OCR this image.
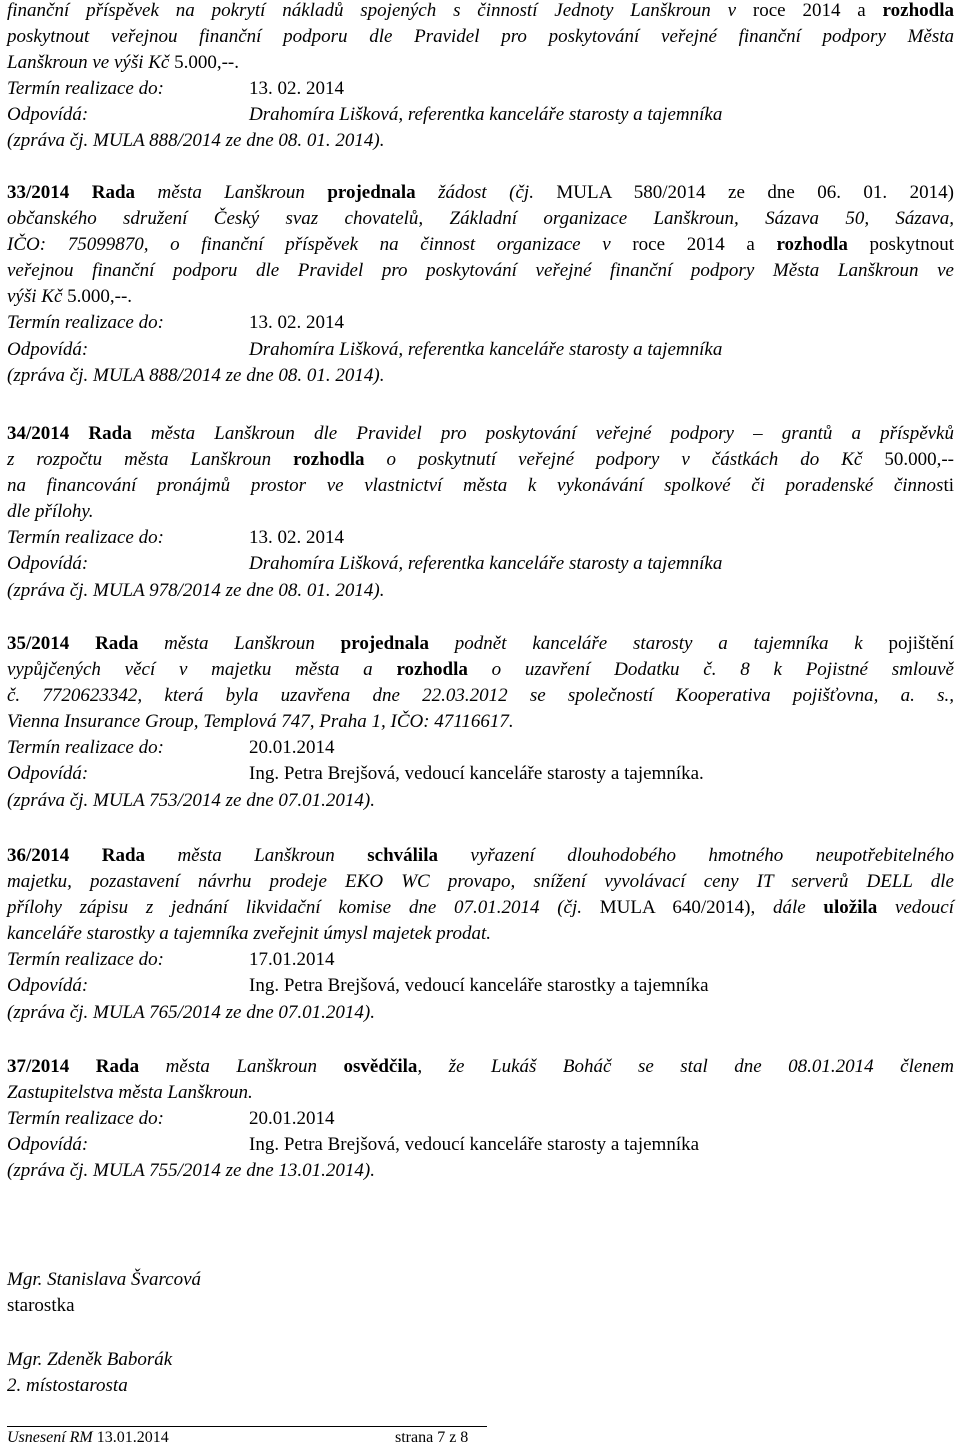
finanční příspěvek na pokrytí nákladů spojených s činností Jednoty Lanškroun v roce 2014 a rozhodla
poskytnout veřejnou finanční podporu dle Pravidel pro poskytování veřejné finanční podpory Města
Lanškroun ve výši Kč 5.000,--.
Termín realizace do:	13. 02. 2014
Odpovídá:	Drahomíra Lišková, referentka kanceláře starosty a tajemníka
(zpráva čj. MULA 888/2014 ze dne 08. 01. 2014).
33/2014 Rada města Lanškroun projednala žádost (čj. MULA 580/2014 ze dne 06. 01. 2014)
občanského sdružení Český svaz chovatelů, Základní organizace Lanškroun, Sázava 50, Sázava,
IČO: 75099870, o finanční příspěvek na činnost organizace v roce 2014 a rozhodla poskytnout
veřejnou finanční podporu dle Pravidel pro poskytování veřejné finanční podpory Města Lanškroun ve
výši Kč 5.000,--.
Termín realizace do:	13. 02. 2014
Odpovídá:	Drahomíra Lišková, referentka kanceláře starosty a tajemníka
(zpráva čj. MULA 888/2014 ze dne 08. 01. 2014).
34/2014 Rada města Lanškroun dle Pravidel pro poskytování veřejné podpory – grantů a příspěvků
z rozpočtu města Lanškroun rozhodla o poskytnutí veřejné podpory v částkách do Kč 50.000,--
na financování pronájmů prostor ve vlastnictví města k vykonávání spolkové či poradenské činnosti
dle přílohy.
Termín realizace do:	13. 02. 2014
Odpovídá:	Drahomíra Lišková, referentka kanceláře starosty a tajemníka
(zpráva čj. MULA 978/2014 ze dne 08. 01. 2014).
35/2014 Rada města Lanškroun projednala podnět kanceláře starosty a tajemníka k pojištění
vypůjčených věcí v majetku města a rozhodla o uzavření Dodatku č. 8 k Pojistné smlouvě
č. 7720623342, která byla uzavřena dne 22.03.2012 se společností Kooperativa pojišťovna, a. s.,
Vienna Insurance Group, Templová 747, Praha 1, IČO: 47116617.
Termín realizace do:	20.01.2014
Odpovídá:	Ing. Petra Brejšová, vedoucí kanceláře starosty a tajemníka.
(zpráva čj. MULA 753/2014 ze dne 07.01.2014).
36/2014 Rada města Lanškroun schválila vyřazení dlouhodobého hmotného neupotřebitelného
majetku, pozastavení návrhu prodeje EKO WC provapo, snížení vyvolávací ceny IT serverů DELL dle
přílohy zápisu z jednání likvidační komise dne 07.01.2014 (čj. MULA 640/2014), dále uložila vedoucí
kanceláře starostky a tajemníka zveřejnit úmysl majetek prodat.
Termín realizace do:	17.01.2014
Odpovídá:	Ing. Petra Brejšová, vedoucí kanceláře starostky a tajemníka
(zpráva čj. MULA 765/2014 ze dne 07.01.2014).
37/2014 Rada města Lanškroun osvědčila, že Lukáš Boháč se stal dne 08.01.2014 členem
Zastupitelstva města Lanškroun.
Termín realizace do:	20.01.2014
Odpovídá:	Ing. Petra Brejšová, vedoucí kanceláře starosty a tajemníka
(zpráva čj. MULA 755/2014 ze dne 13.01.2014).
Mgr. Stanislava Švarcová
starostka
Mgr. Zdeněk Baborák
2. místostarosta
Usnesení RM 13.01.2014	strana 7 z 8
